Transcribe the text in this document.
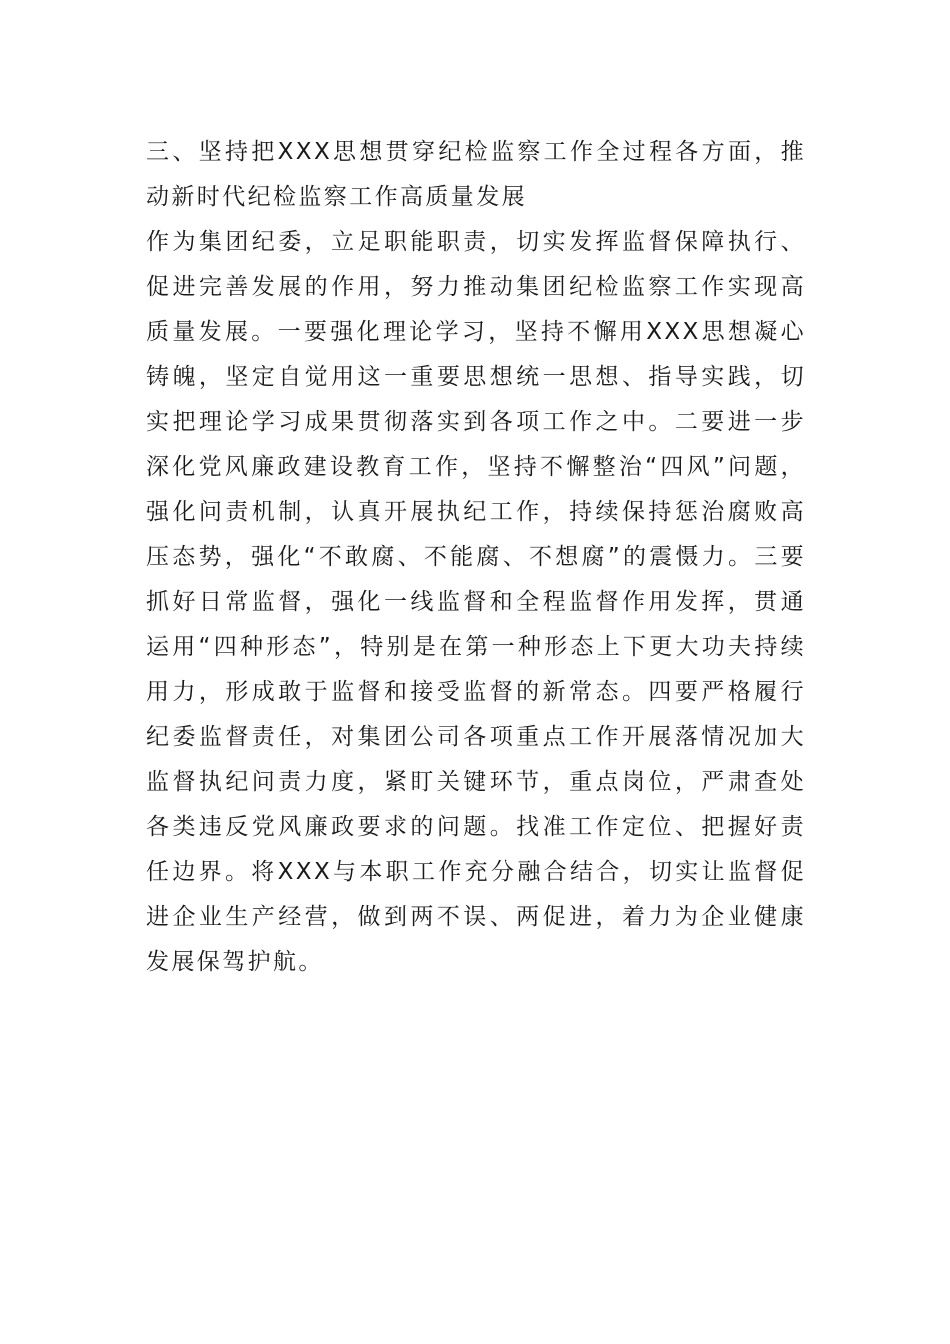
三、坚持把XXX思想贯穿纪检监察工作全过程各方面，推动新时代纪检监察工作高质量发展

作为集团纪委，立足职能职责，切实发挥监督保障执行、促进完善发展的作用，努力推动集团纪检监察工作实现高质量发展。一要强化理论学习，坚持不懈用XXX思想凝心铸魄，坚定自觉用这一重要思想统一思想、指导实践，切实把理论学习成果贯彻落实到各项工作之中。二要进一步深化党风廉政建设教育工作，坚持不懈整治“四风”问题，强化问责机制，认真开展执纪工作，持续保持惩治腐败高压态势，强化“不敢腐、不能腐、不想腐”的震慑力。三要抓好日常监督，强化一线监督和全程监督作用发挥，贯通运用“四种形态”，特别是在第一种形态上下更大功夫持续用力，形成敢于监督和接受监督的新常态。四要严格履行纪委监督责任，对集团公司各项重点工作开展落情况加大监督执纪问责力度，紧盯关键环节，重点岗位，严肃查处各类违反党风廉政要求的问题。找准工作定位、把握好责任边界。将XXX与本职工作充分融合结合，切实让监督促进企业生产经营，做到两不误、两促进，着力为企业健康发展保驾护航。
